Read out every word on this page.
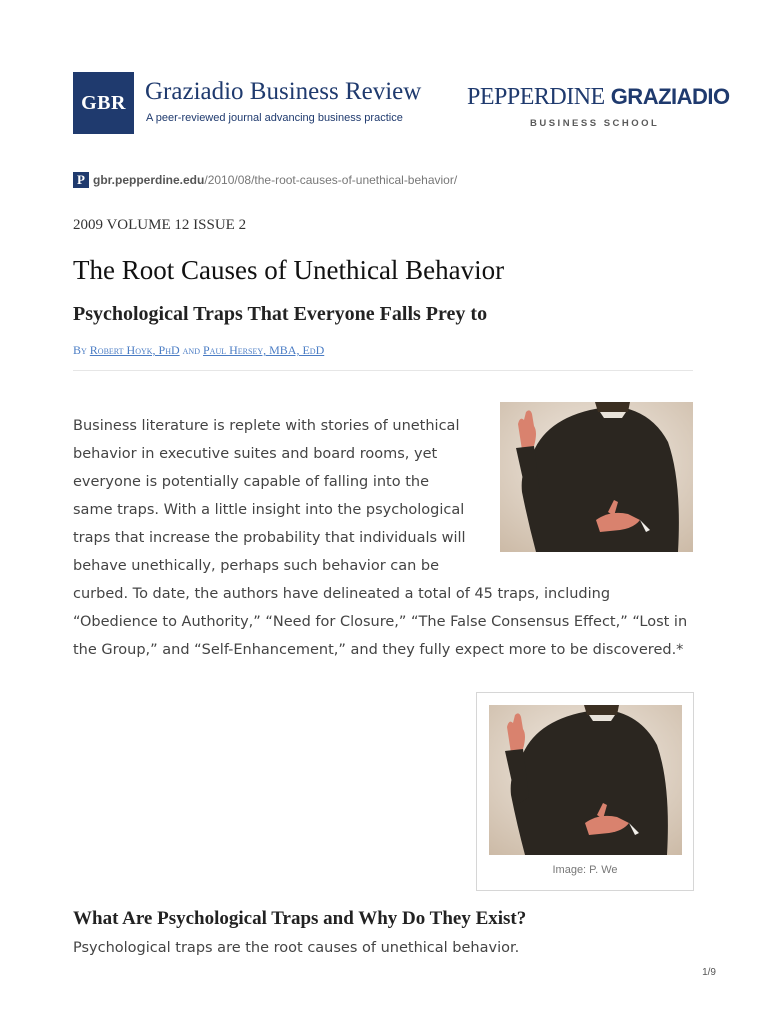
GBR Graziadio Business Review
A peer-reviewed journal advancing business practice
PEPPERDINE GRAZIADIO
BUSINESS SCHOOL
P gbr.pepperdine.edu /2010/08/the-root-causes-of-unethical-behavior/
2009 VOLUME 12 ISSUE 2
The Root Causes of Unethical Behavior
Psychological Traps That Everyone Falls Prey to
By Robert Hoyk, PhD and Paul Hersey, MBA, EdD
Business literature is replete with stories of unethical
behavior in executive suites and board rooms, yet
everyone is potentially capable of falling into the
same traps. With a little insight into the psychological
traps that increase the probability that individuals will
behave unethically, perhaps such behavior can be
curbed. To date, the authors have delineated a total of 45 traps, including
“Obedience to Authority,” “Need for Closure,” “The False Consensus Effect,” “Lost in
the Group,” and “Self-Enhancement,” and they fully expect more to be discovered.*
Image: P. We
What Are Psychological Traps and Why Do They Exist?

Psychological traps are the root causes of unethical behavior.

1/9
